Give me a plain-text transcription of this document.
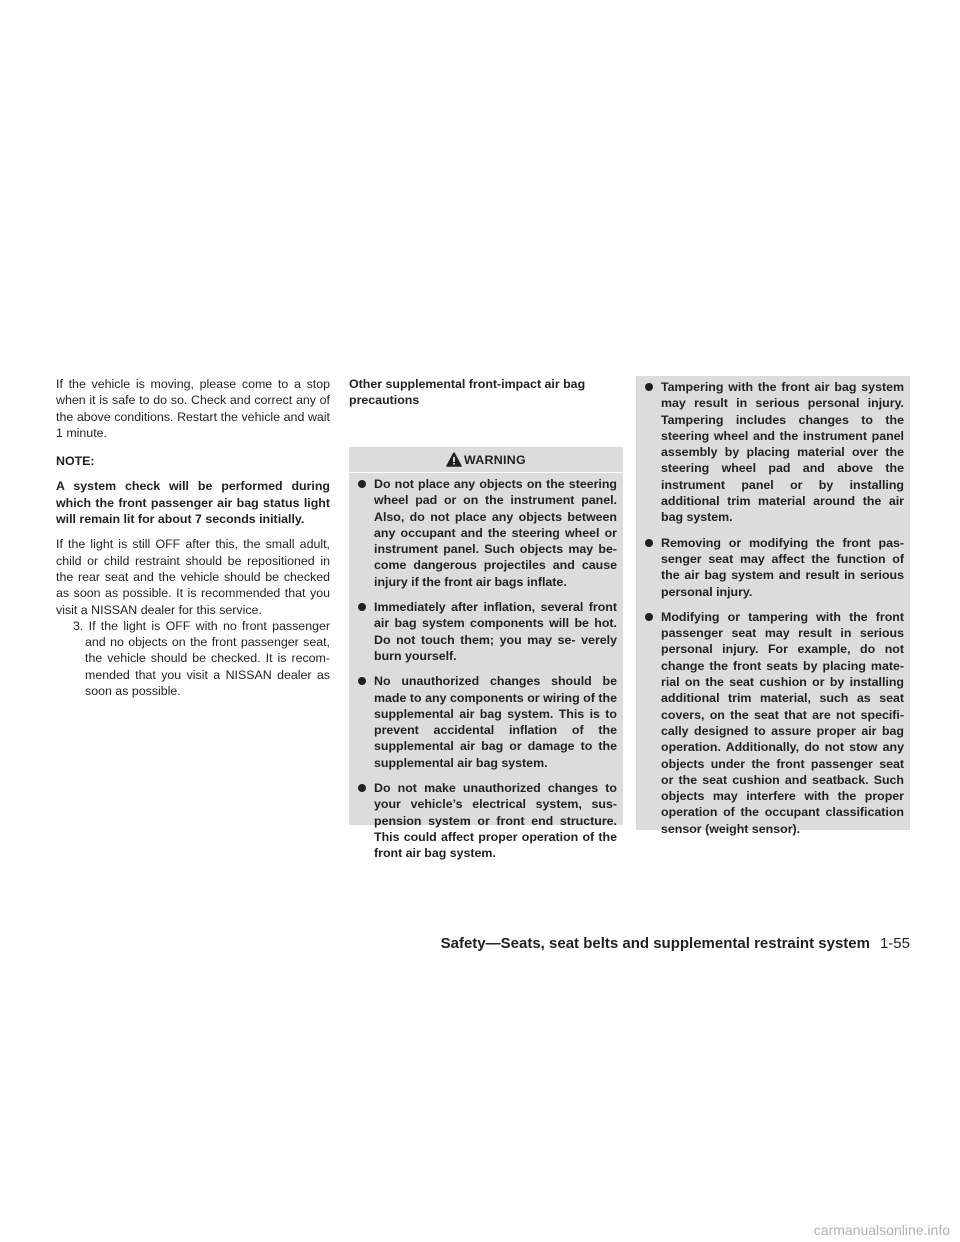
If the vehicle is moving, please come to a stop when it is safe to do so. Check and correct any of the above conditions. Restart the vehicle and wait 1 minute.

NOTE:

A system check will be performed during which the front passenger air bag status light will remain lit for about 7 seconds initially.

If the light is still OFF after this, the small adult, child or child restraint should be repositioned in the rear seat and the vehicle should be checked as soon as possible. It is recommended that you visit a NISSAN dealer for this service.

3. If the light is OFF with no front passenger and no objects on the front passenger seat, the vehicle should be checked. It is recom- mended that you visit a NISSAN dealer as soon as possible.

Other supplemental front-impact air bag precautions

WARNING
Do not place any objects on the steering wheel pad or on the instrument panel. Also, do not place any objects between any occupant and the steering wheel or instrument panel. Such objects may be- come dangerous projectiles and cause injury if the front air bags inflate.
Immediately after inflation, several front air bag system components will be hot. Do not touch them; you may se- verely burn yourself.
No unauthorized changes should be made to any components or wiring of the supplemental air bag system. This is to prevent accidental inflation of the supplemental air bag or damage to the supplemental air bag system.
Do not make unauthorized changes to your vehicle’s electrical system, sus- pension system or front end structure. This could affect proper operation of the front air bag system.
Tampering with the front air bag system may result in serious personal injury. Tampering includes changes to the steering wheel and the instrument panel assembly by placing material over the steering wheel pad and above the instrument panel or by installing additional trim material around the air bag system.
Removing or modifying the front pas- senger seat may affect the function of the air bag system and result in serious personal injury.
Modifying or tampering with the front passenger seat may result in serious personal injury. For example, do not change the front seats by placing mate- rial on the seat cushion or by installing additional trim material, such as seat covers, on the seat that are not specifi- cally designed to assure proper air bag operation. Additionally, do not stow any objects under the front passenger seat or the seat cushion and seatback. Such objects may interfere with the proper operation of the occupant classification sensor (weight sensor).
Safety—Seats, seat belts and supplemental restraint system 1-55
carmanualsonline.info
